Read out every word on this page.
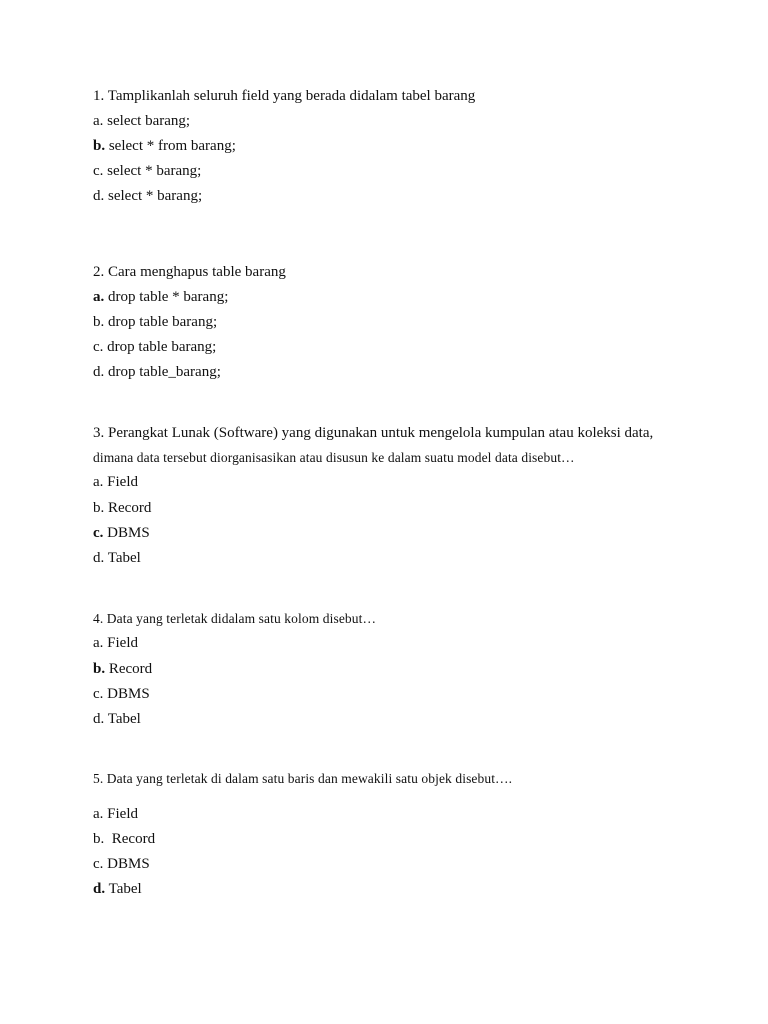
1. Tamplikanlah seluruh field yang berada didalam tabel barang
a. select barang;
b. select * from barang;
c. select * barang;
d. select * barang;
2. Cara menghapus table barang
a. drop table * barang;
b. drop table barang;
c. drop table barang;
d. drop table_barang;
3. Perangkat Lunak (Software) yang digunakan untuk mengelola kumpulan atau koleksi data,
dimana data tersebut diorganisasikan atau disusun ke dalam suatu model data disebut…
a. Field
b. Record
c. DBMS
d. Tabel
4. Data yang terletak didalam satu kolom disebut…
a. Field
b. Record
c. DBMS
d. Tabel
5. Data yang terletak di dalam satu baris dan mewakili satu objek disebut….
a. Field
b.  Record
c. DBMS
d. Tabel
